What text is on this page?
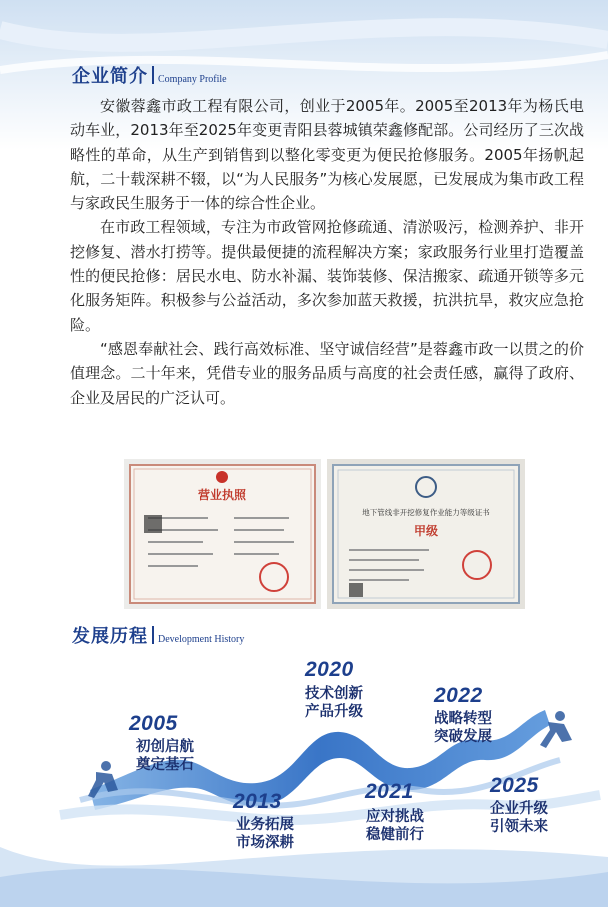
企业简介 Company Profile

安徽蓉鑫市政工程有限公司，创业于2005年。2005至2013年为杨氏电动车业，2013年至2025年变更青阳县蓉城镇荣鑫修配部。公司经历了三次战略性的革命，从生产到销售到以整化零变更为便民抢修服务。2005年扬帆起航，二十载深耕不辍，以“为人民服务”为核心发展愿，已发展成为集市政工程与家政民生服务于一体的综合性企业。

在市政工程领域，专注为市政管网抢修疏通、清淤吸污，检测养护、非开挖修复、潜水打捞等。提供最便捷的流程解决方案；家政服务行业里打造覆盖性的便民抢修：居民水电、防水补漏、装饰装修、保洁搬家、疏通开锁等多元化服务矩阵。积极参与公益活动，多次参加蓝天救援，抗洪抗旱，救灾应急抢险。

“感恩奉献社会、践行高效标准、坚守诚信经营”是蓉鑫市政一以贯之的价值理念。二十年来，凭借专业的服务品质与高度的社会责任感，赢得了政府、企业及居民的广泛认可。

营业执照
地下管线非开挖修复作业能力等级证书
甲级
发展历程 Development History
2005
初创启航
奠定基石
2013
业务拓展
市场深耕
2020
技术创新
产品升级
2021
应对挑战
稳健前行
2022
战略转型
突破发展
2025
企业升级
引领未来
